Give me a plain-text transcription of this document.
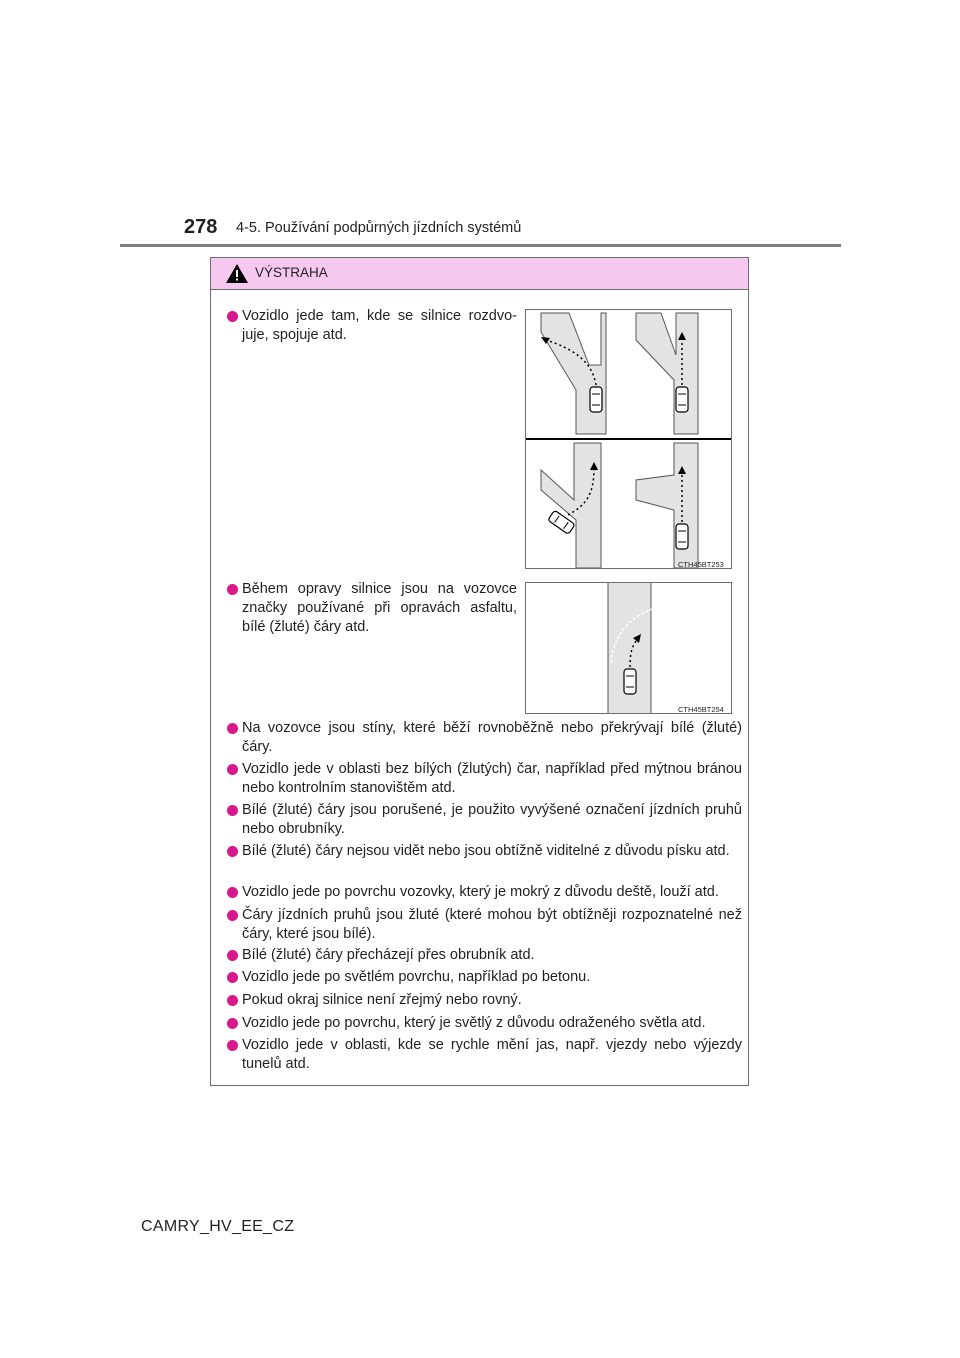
278 4-5. Používání podpůrných jízdních systémů
VÝSTRAHA
Vozidlo jede tam, kde se silnice rozdvo-juje, spojuje atd.
CTH45BT253
Během opravy silnice jsou na vozovce značky používané při opravách asfaltu, bílé (žluté) čáry atd.
CTH45BT254
Na vozovce jsou stíny, které běží rovnoběžně nebo překrývají bílé (žluté) čáry.
Vozidlo jede v oblasti bez bílých (žlutých) čar, například před mýtnou bránou nebo kontrolním stanovištěm atd.
Bílé (žluté) čáry jsou porušené, je použito vyvýšené označení jízdních pruhů nebo obrubníky.
Bílé (žluté) čáry nejsou vidět nebo jsou obtížně viditelné z důvodu písku atd.
Vozidlo jede po povrchu vozovky, který je mokrý z důvodu deště, louží atd.
Čáry jízdních pruhů jsou žluté (které mohou být obtížněji rozpoznatelné než čáry, které jsou bílé).
Bílé (žluté) čáry přecházejí přes obrubník atd.
Vozidlo jede po světlém povrchu, například po betonu.
Pokud okraj silnice není zřejmý nebo rovný.
Vozidlo jede po povrchu, který je světlý z důvodu odraženého světla atd.
Vozidlo jede v oblasti, kde se rychle mění jas, např. vjezdy nebo výjezdy tunelů atd.
CAMRY_HV_EE_CZ
